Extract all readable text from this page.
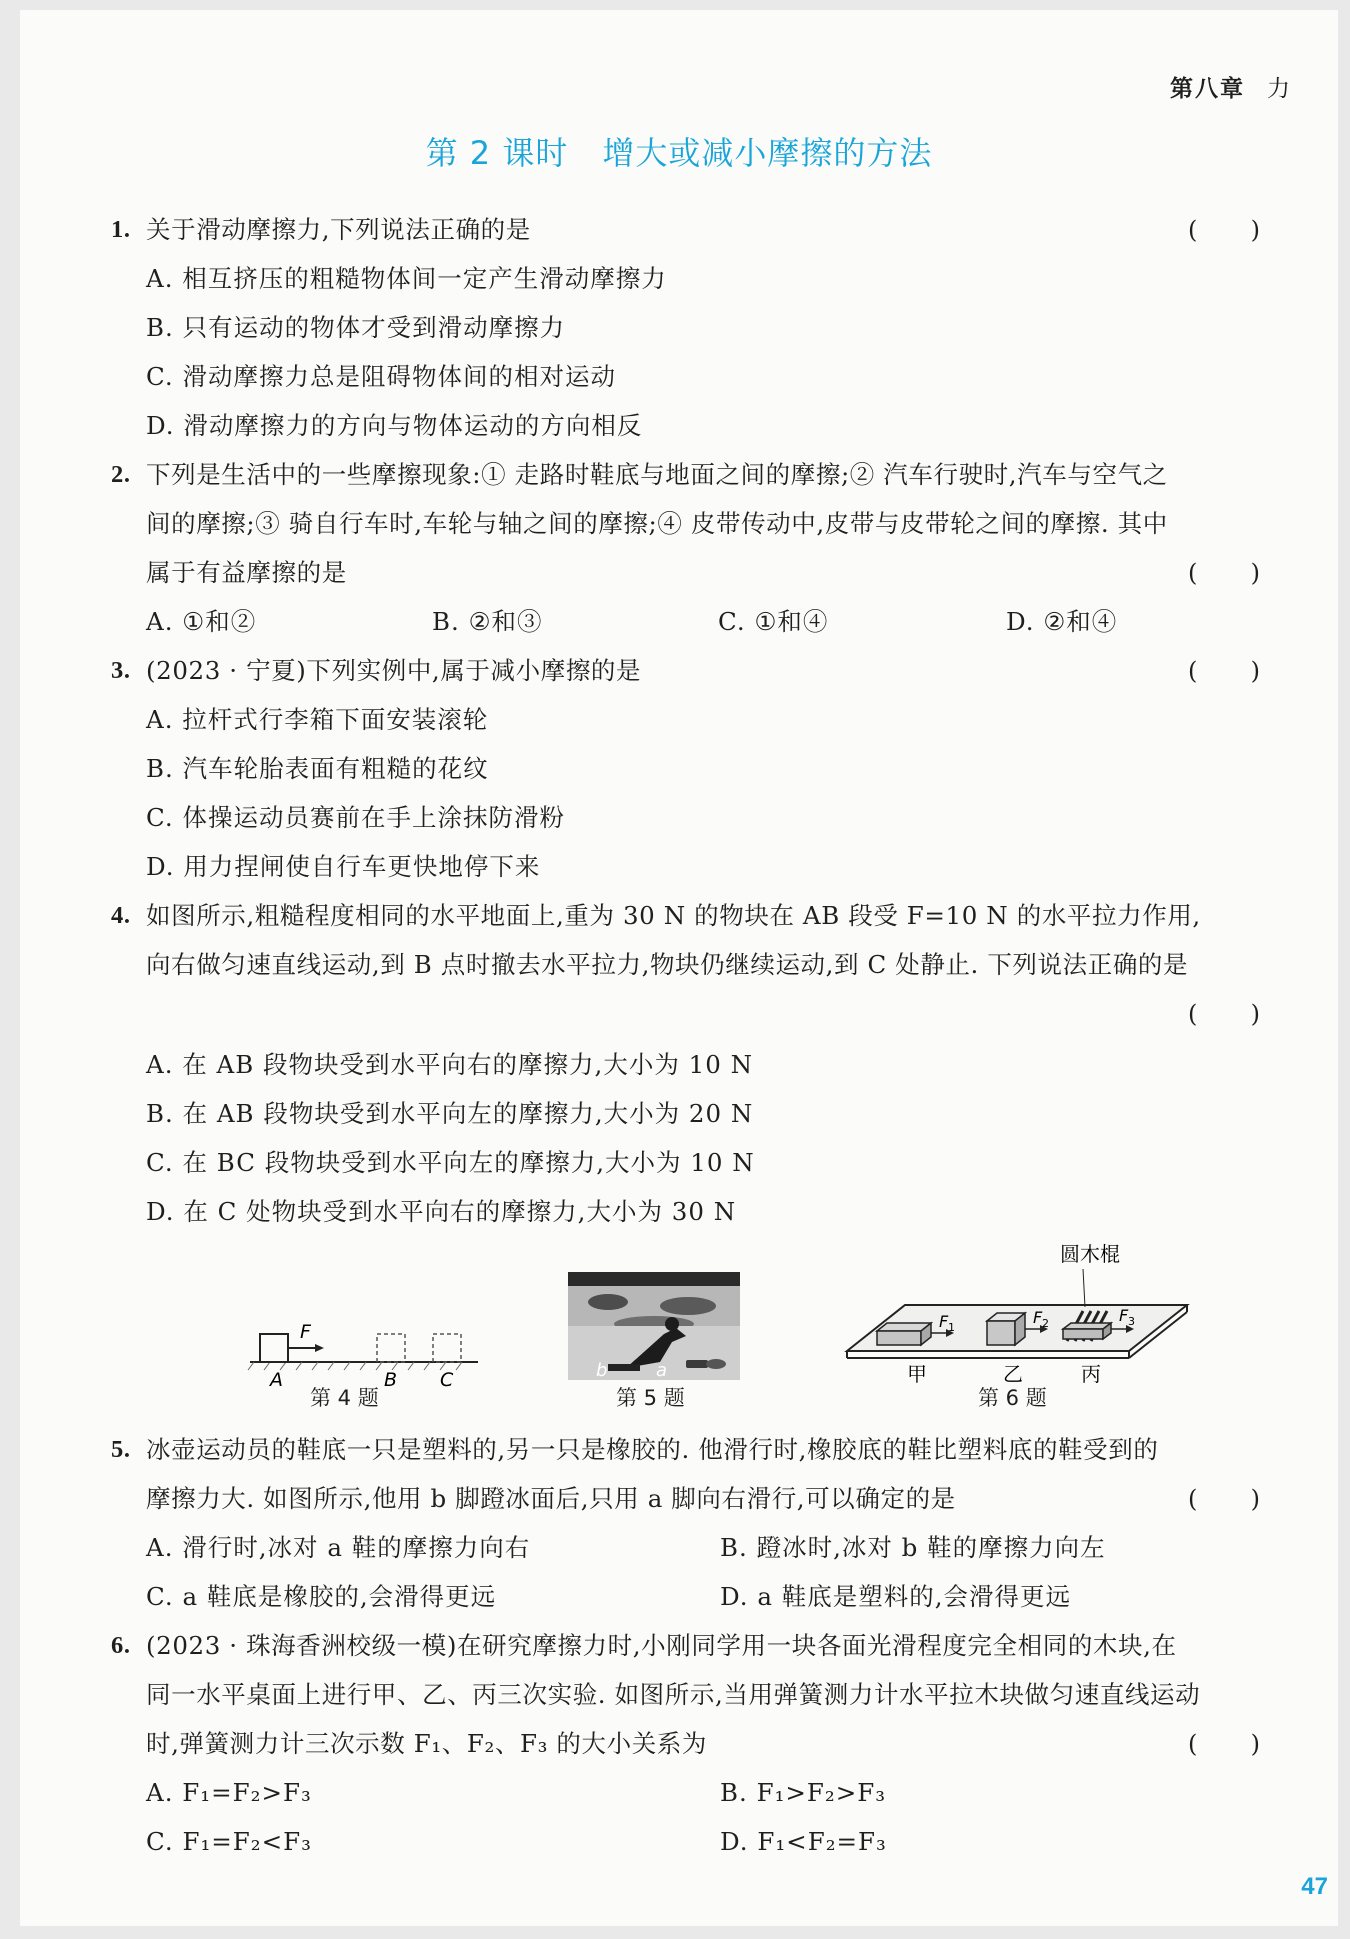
第八章 力
第 2 课时 增大或减小摩擦的方法
1. 关于滑动摩擦力,下列说法正确的是	( )
A. 相互挤压的粗糙物体间一定产生滑动摩擦力
B. 只有运动的物体才受到滑动摩擦力
C. 滑动摩擦力总是阻碍物体间的相对运动
D. 滑动摩擦力的方向与物体运动的方向相反
2. 下列是生活中的一些摩擦现象:① 走路时鞋底与地面之间的摩擦;② 汽车行驶时,汽车与空气之
间的摩擦;③ 骑自行车时,车轮与轴之间的摩擦;④ 皮带传动中,皮带与皮带轮之间的摩擦. 其中
属于有益摩擦的是	( )
A. ①和②	B. ②和③	C. ①和④	D. ②和④
3. (2023 · 宁夏)下列实例中,属于减小摩擦的是	( )
A. 拉杆式行李箱下面安装滚轮
B. 汽车轮胎表面有粗糙的花纹
C. 体操运动员赛前在手上涂抹防滑粉
D. 用力捏闸使自行车更快地停下来
4. 如图所示,粗糙程度相同的水平地面上,重为 30 N 的物块在 AB 段受 F=10 N 的水平拉力作用,
向右做匀速直线运动,到 B 点时撤去水平拉力,物块仍继续运动,到 C 处静止. 下列说法正确的是
( )
A. 在 AB 段物块受到水平向右的摩擦力,大小为 10 N
B. 在 AB 段物块受到水平向左的摩擦力,大小为 20 N
C. 在 BC 段物块受到水平向左的摩擦力,大小为 10 N
D. 在 C 处物块受到水平向右的摩擦力,大小为 30 N
F
A	B C
第 4 题
b	a
第 5 题
圆木棍
F 1
F 2	F 3
甲	乙	丙
第 6 题
5. 冰壶运动员的鞋底一只是塑料的,另一只是橡胶的. 他滑行时,橡胶底的鞋比塑料底的鞋受到的
摩擦力大. 如图所示,他用 b 脚蹬冰面后,只用 a 脚向右滑行,可以确定的是	( )
A. 滑行时,冰对 a 鞋的摩擦力向右	B. 蹬冰时,冰对 b 鞋的摩擦力向左
C. a 鞋底是橡胶的,会滑得更远	D. a 鞋底是塑料的,会滑得更远
6. (2023 · 珠海香洲校级一模)在研究摩擦力时,小刚同学用一块各面光滑程度完全相同的木块,在
同一水平桌面上进行甲、乙、丙三次实验. 如图所示,当用弹簧测力计水平拉木块做匀速直线运动
时,弹簧测力计三次示数 F₁、F₂、F₃ 的大小关系为	( )
A. F₁=F₂>F₃	B. F₁>F₂>F₃
C. F₁=F₂<F₃	D. F₁<F₂=F₃
47
